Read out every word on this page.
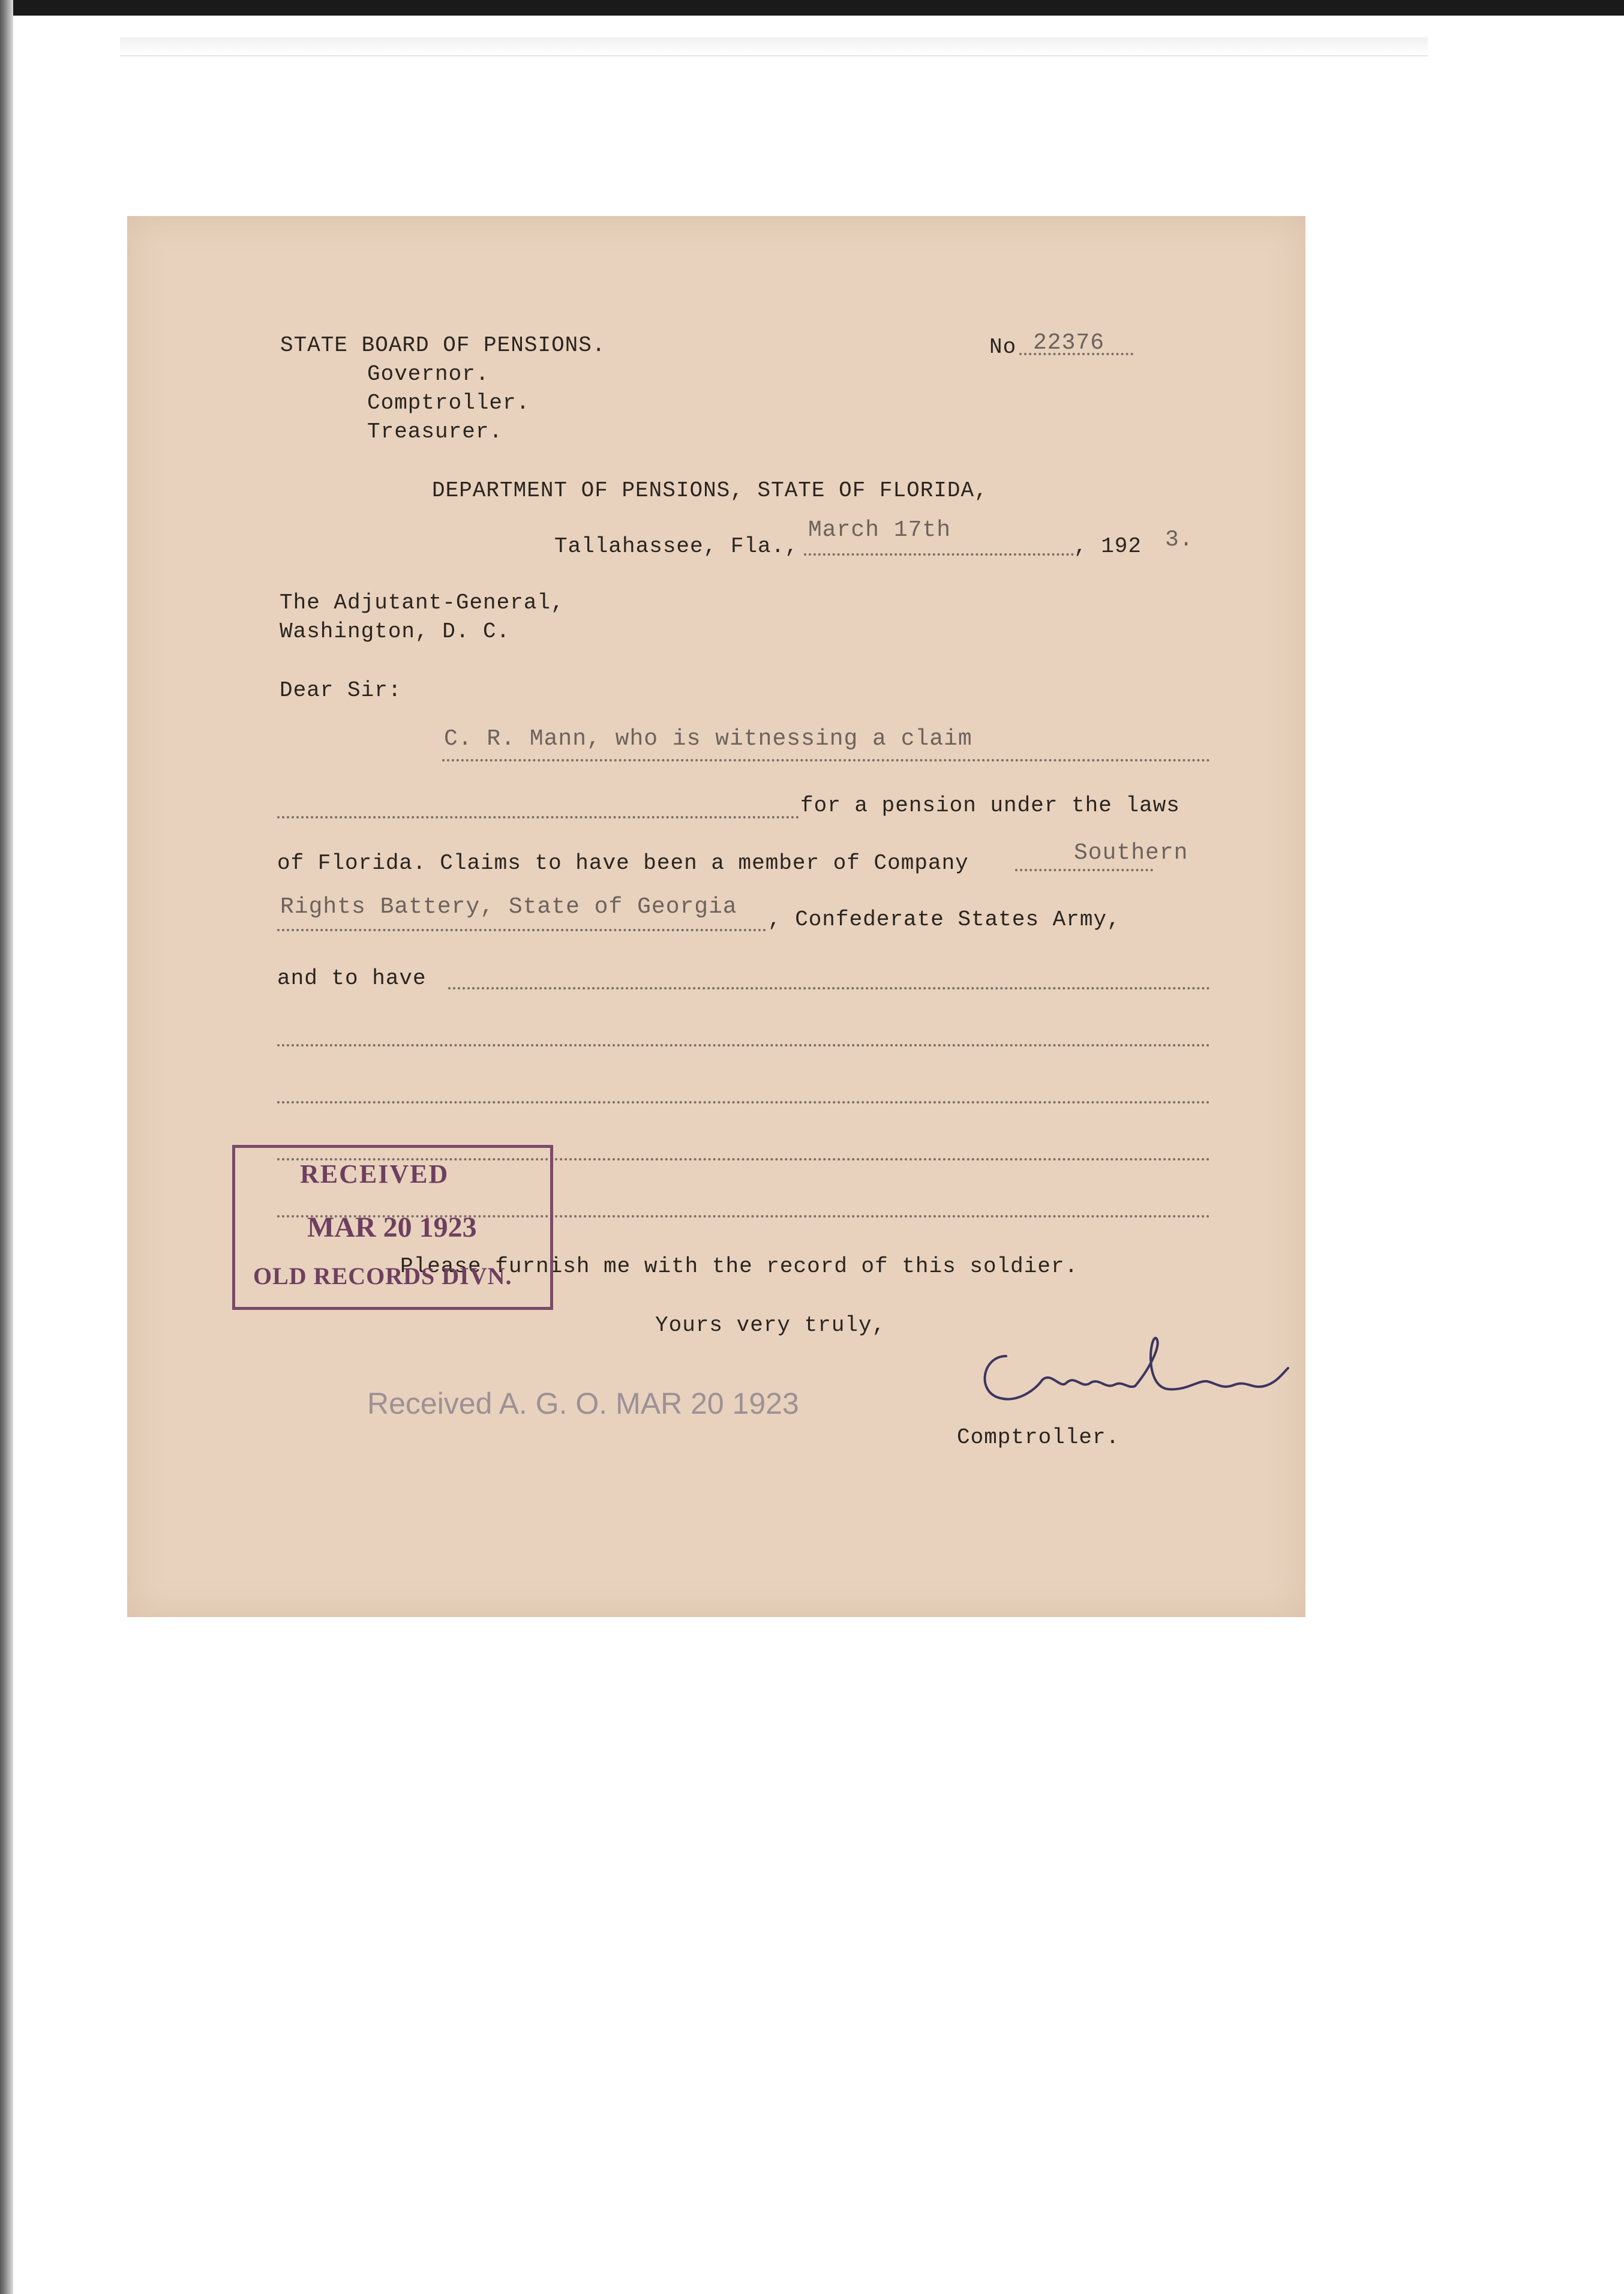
STATE BOARD OF PENSIONS.
Governor.
Comptroller.
Treasurer.
No 22376
DEPARTMENT OF PENSIONS, STATE OF FLORIDA,
Tallahassee, Fla.,
March 17th
, 192 3.
The Adjutant-General,
Washington, D. C.
Dear Sir:
C. R. Mann, who is witnessing a claim
for a pension under the laws
of Florida. Claims to have been a member of Company	Southern
Rights Battery, State of Georgia , Confederate States Army,
and to have
Please furnish me with the record of this soldier.
Yours very truly,
RECEIVED
MAR 20 1923
OLD RECORDS DIVN.
Received A. G. O. MAR 20 1923
Comptroller.
